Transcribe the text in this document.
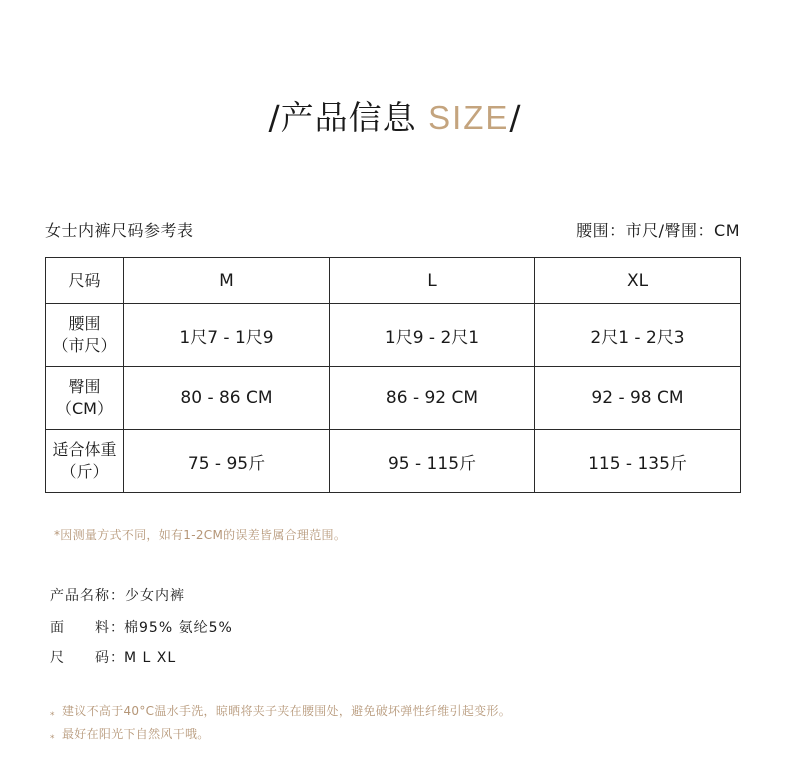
/产品信息 SIZE/
女士内裤尺码参考表	腰围：市尺/臀围：CM
尺码	M	L	XL
腰围
（市尺）	1尺7 - 1尺9	1尺9 - 2尺1	2尺1 - 2尺3
臀围
（CM）	80 - 86 CM	86 - 92 CM	92 - 98 CM
适合体重
（斤）	75 - 95斤	95 - 115斤	115 - 135斤
*因测量方式不同，如有1-2CM的误差皆属合理范围。
产品名称：少女内裤
面　　料：棉95% 氨纶5%
尺　　码：M L XL
* 建议不高于40°C温水手洗，晾晒将夹子夹在腰围处，避免破坏弹性纤维引起变形。
* 最好在阳光下自然风干哦。
